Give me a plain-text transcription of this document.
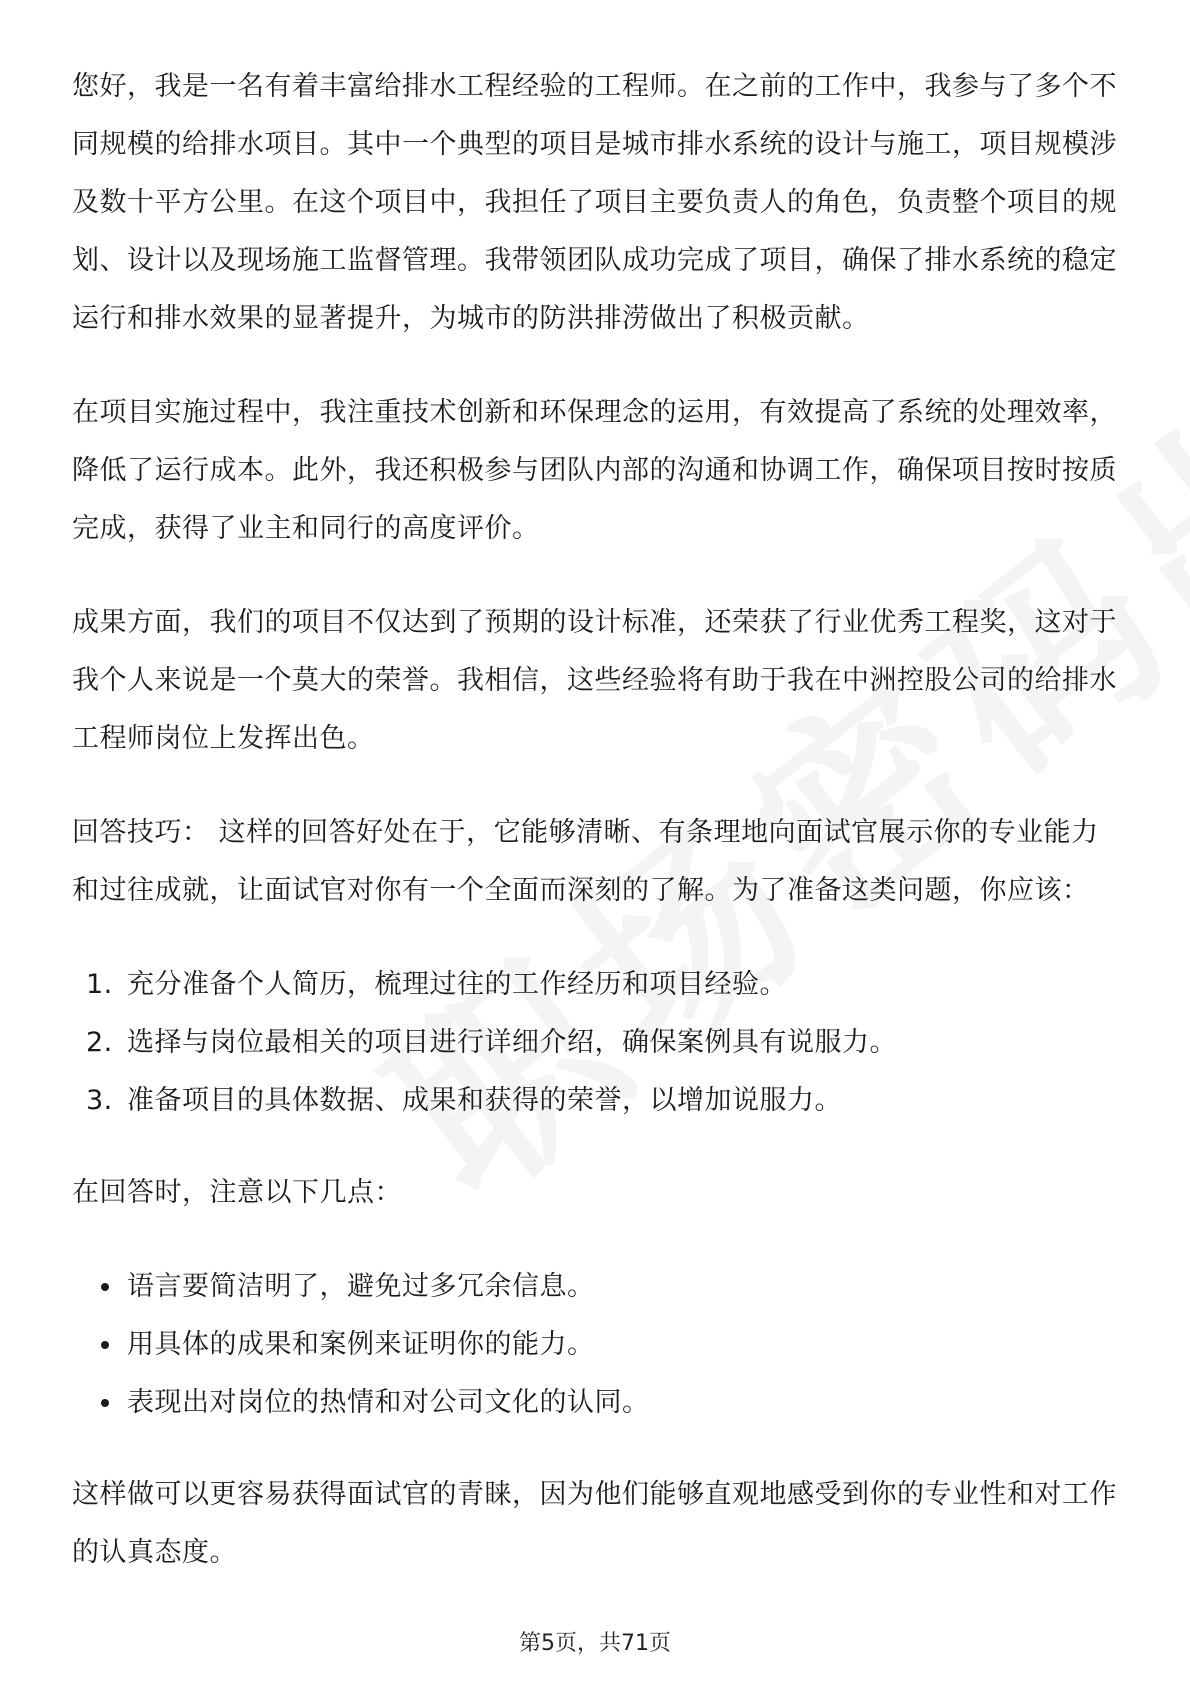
您好，我是一名有着丰富给排水工程经验的工程师。在之前的工作中，我参与了多个不同规模的给排水项目。其中一个典型的项目是城市排水系统的设计与施工，项目规模涉及数十平方公里。在这个项目中，我担任了项目主要负责人的角色，负责整个项目的规划、设计以及现场施工监督管理。我带领团队成功完成了项目，确保了排水系统的稳定运行和排水效果的显著提升，为城市的防洪排涝做出了积极贡献。

在项目实施过程中，我注重技术创新和环保理念的运用，有效提高了系统的处理效率，降低了运行成本。此外，我还积极参与团队内部的沟通和协调工作，确保项目按时按质完成，获得了业主和同行的高度评价。

成果方面，我们的项目不仅达到了预期的设计标准，还荣获了行业优秀工程奖，这对于我个人来说是一个莫大的荣誉。我相信，这些经验将有助于我在中洲控股公司的给排水工程师岗位上发挥出色。

回答技巧： 这样的回答好处在于，它能够清晰、有条理地向面试官展示你的专业能力和过往成就，让面试官对你有一个全面而深刻的了解。为了准备这类问题，你应该：

1. 充分准备个人简历，梳理过往的工作经历和项目经验。
2. 选择与岗位最相关的项目进行详细介绍，确保案例具有说服力。
3. 准备项目的具体数据、成果和获得的荣誉，以增加说服力。

在回答时，注意以下几点：

语言要简洁明了，避免过多冗余信息。
用具体的成果和案例来证明你的能力。
表现出对岗位的热情和对公司文化的认同。

这样做可以更容易获得面试官的青睐，因为他们能够直观地感受到你的专业性和对工作的认真态度。

第5页，共71页
